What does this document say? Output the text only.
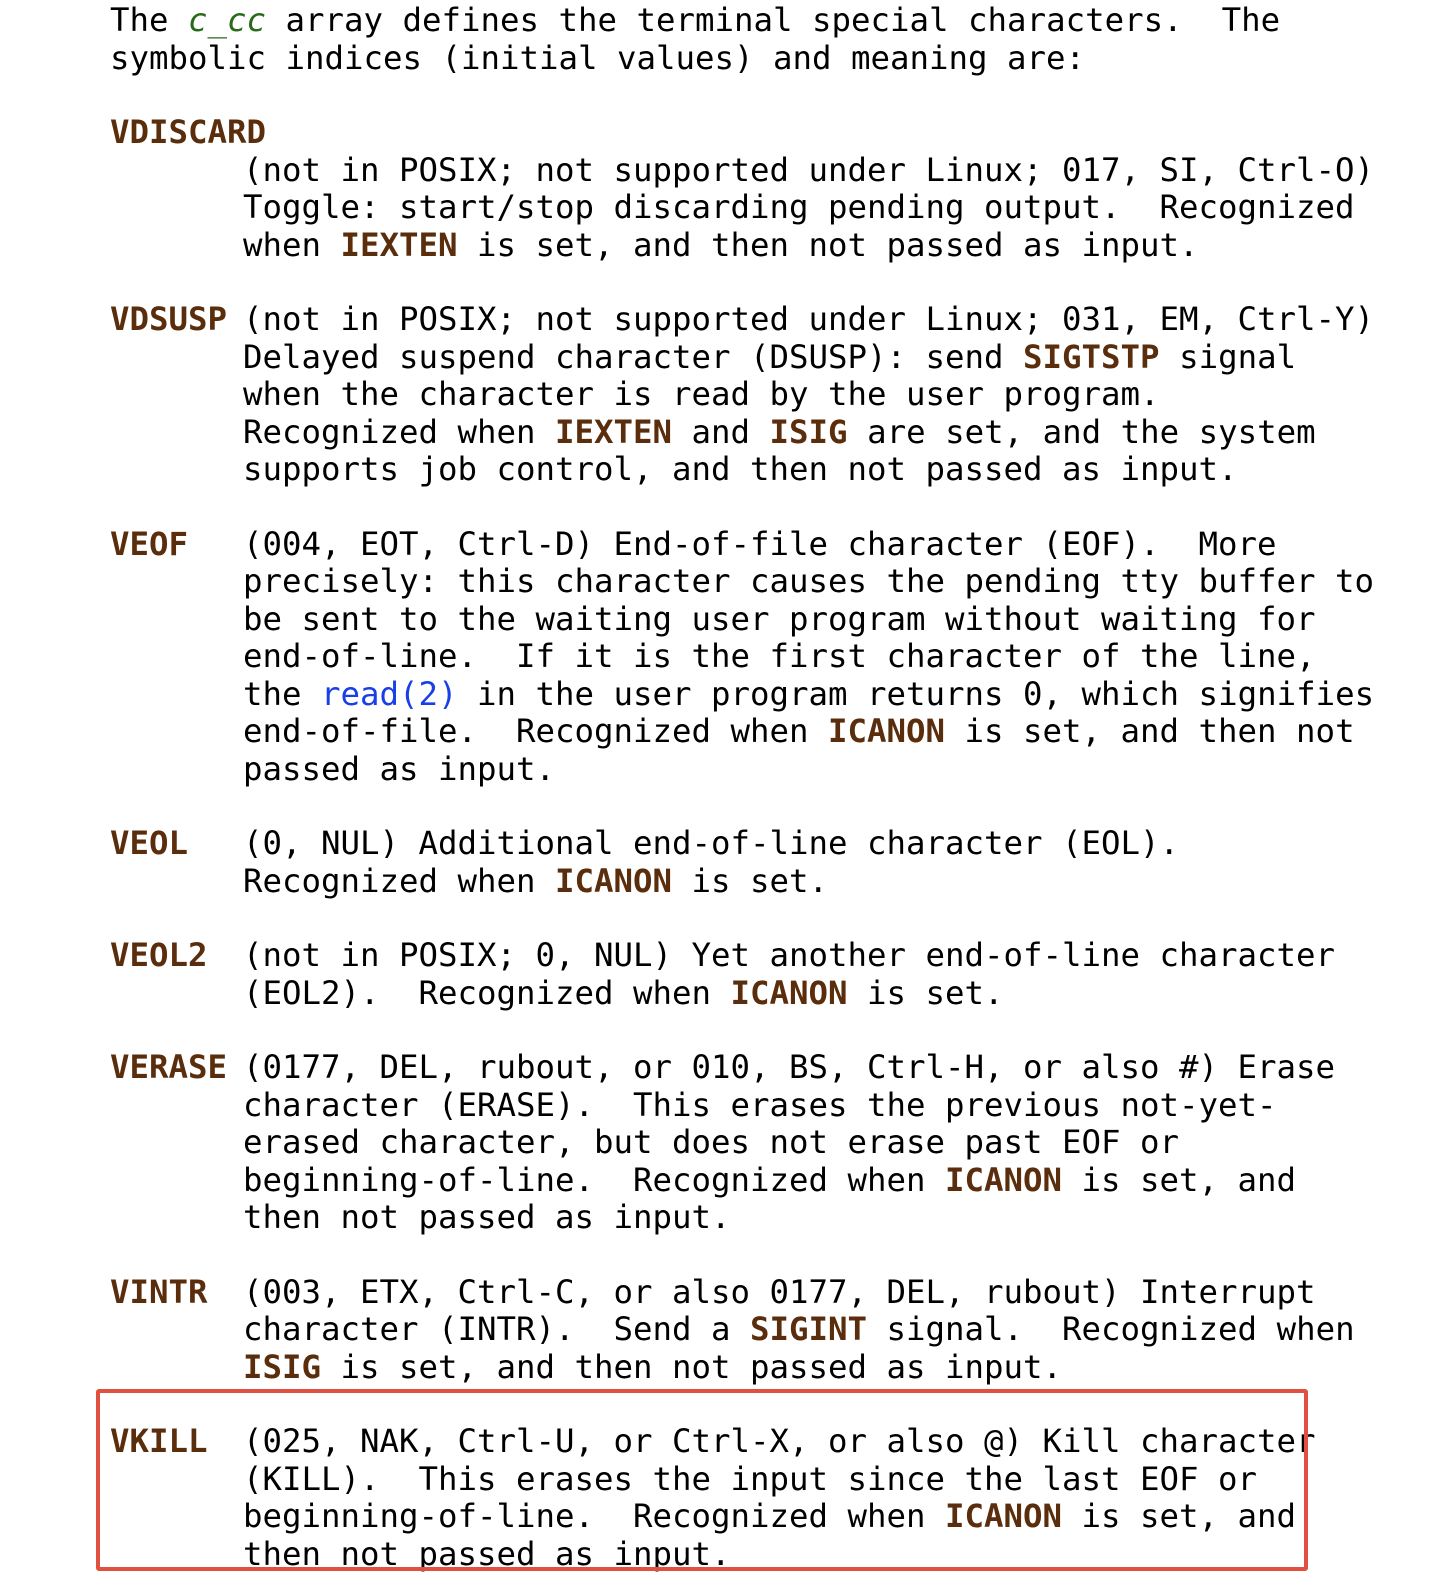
The c_cc array defines the terminal special characters.  The
symbolic indices (initial values) and meaning are:
VDISCARD
(not in POSIX; not supported under Linux; 017, SI, Ctrl-O)
Toggle: start/stop discarding pending output.  Recognized
when IEXTEN is set, and then not passed as input.
VDSUSP (not in POSIX; not supported under Linux; 031, EM, Ctrl-Y)
Delayed suspend character (DSUSP): send SIGTSTP signal
when the character is read by the user program.
Recognized when IEXTEN and ISIG are set, and the system
supports job control, and then not passed as input.
VEOF (004, EOT, Ctrl-D) End-of-file character (EOF).  More
precisely: this character causes the pending tty buffer to
be sent to the waiting user program without waiting for
end-of-line.  If it is the first character of the line,
the read(2) in the user program returns 0, which signifies
end-of-file.  Recognized when ICANON is set, and then not
passed as input.
VEOL (0, NUL) Additional end-of-line character (EOL).
Recognized when ICANON is set.
VEOL2 (not in POSIX; 0, NUL) Yet another end-of-line character
(EOL2).  Recognized when ICANON is set.
VERASE (0177, DEL, rubout, or 010, BS, Ctrl-H, or also #) Erase
character (ERASE).  This erases the previous not-yet-
erased character, but does not erase past EOF or
beginning-of-line.  Recognized when ICANON is set, and
then not passed as input.
VINTR (003, ETX, Ctrl-C, or also 0177, DEL, rubout) Interrupt
character (INTR).  Send a SIGINT signal.  Recognized when
ISIG is set, and then not passed as input.
VKILL (025, NAK, Ctrl-U, or Ctrl-X, or also @) Kill character
(KILL).  This erases the input since the last EOF or
beginning-of-line.  Recognized when ICANON is set, and
then not passed as input.
